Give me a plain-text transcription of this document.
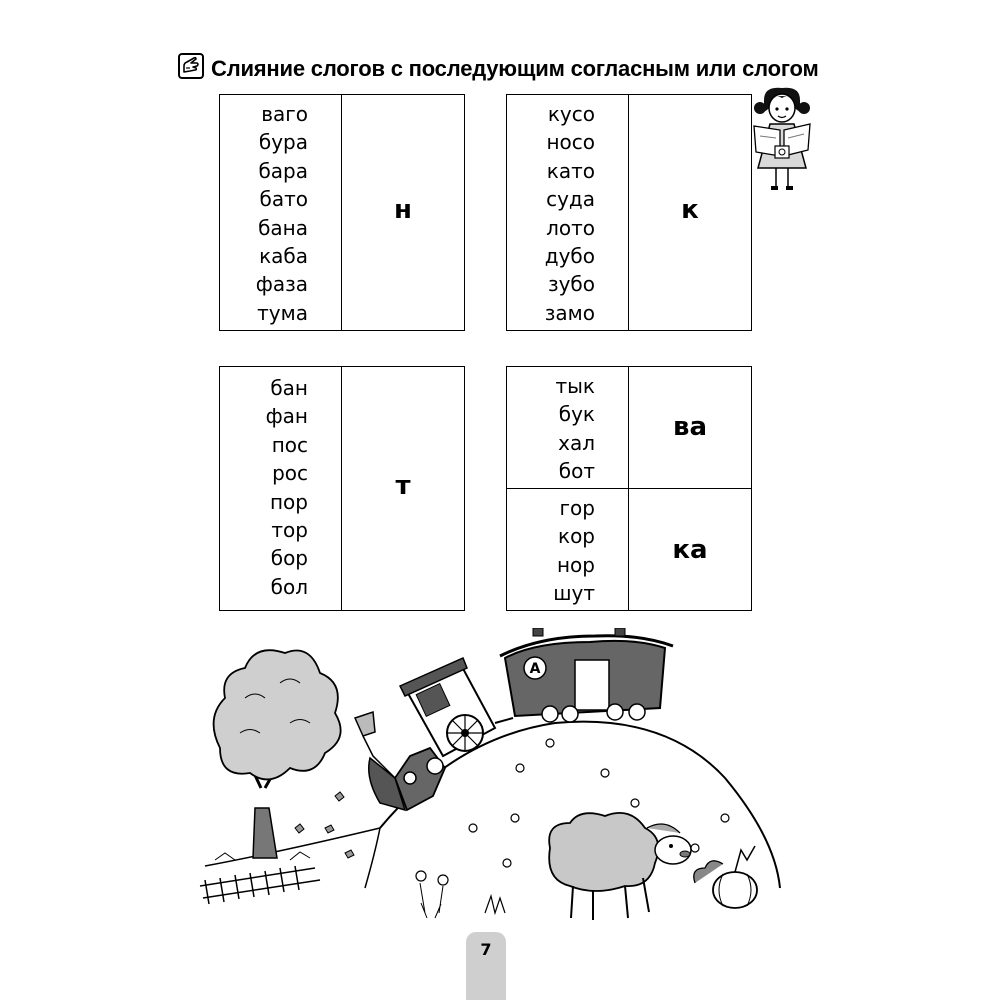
Слияние слогов с последующим согласным или слогом
ваго
бура
бара
бато
бана
каба
фаза
тума
н
кусо
носо
като
суда
лото
дубо
зубо
замо
к
бан
фан
пос
рос
пор
тор
бор
бол
т
тык
бук
хал
бот
ва
гор
кор
нор
шут
ка
А
7
